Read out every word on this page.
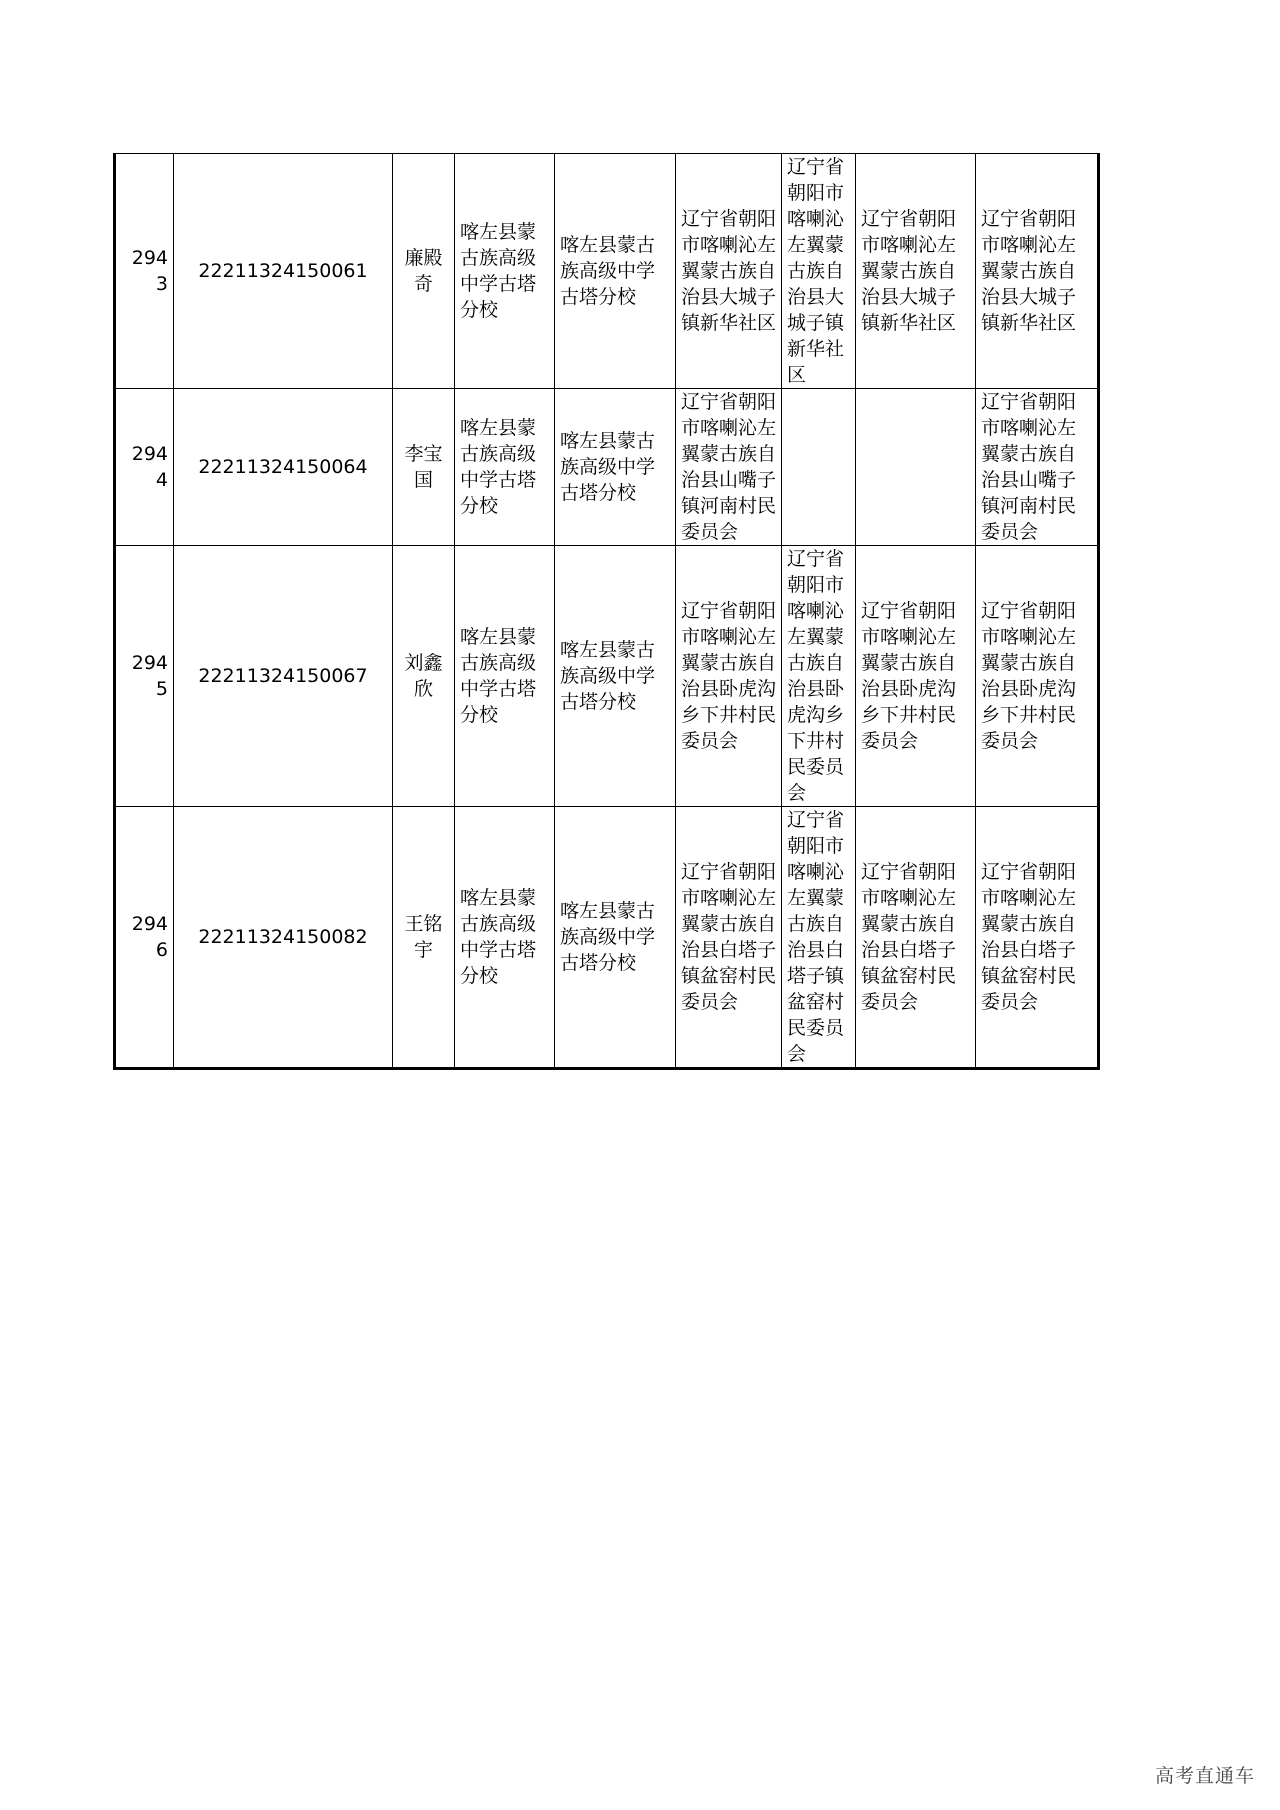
2943	22211324150061	廉殿奇	喀左县蒙古族高级中学古塔分校	喀左县蒙古族高级中学古塔分校	辽宁省朝阳市喀喇沁左翼蒙古族自治县大城子镇新华社区	辽宁省朝阳市喀喇沁左翼蒙古族自治县大城子镇新华社区	辽宁省朝阳市喀喇沁左翼蒙古族自治县大城子镇新华社区	辽宁省朝阳市喀喇沁左翼蒙古族自治县大城子镇新华社区
2944	22211324150064	李宝国	喀左县蒙古族高级中学古塔分校	喀左县蒙古族高级中学古塔分校	辽宁省朝阳市喀喇沁左翼蒙古族自治县山嘴子镇河南村民委员会			辽宁省朝阳市喀喇沁左翼蒙古族自治县山嘴子镇河南村民委员会
2945	22211324150067	刘鑫欣	喀左县蒙古族高级中学古塔分校	喀左县蒙古族高级中学古塔分校	辽宁省朝阳市喀喇沁左翼蒙古族自治县卧虎沟乡下井村民委员会	辽宁省朝阳市喀喇沁左翼蒙古族自治县卧虎沟乡下井村民委员会	辽宁省朝阳市喀喇沁左翼蒙古族自治县卧虎沟乡下井村民委员会	辽宁省朝阳市喀喇沁左翼蒙古族自治县卧虎沟乡下井村民委员会
2946	22211324150082	王铭宇	喀左县蒙古族高级中学古塔分校	喀左县蒙古族高级中学古塔分校	辽宁省朝阳市喀喇沁左翼蒙古族自治县白塔子镇盆窑村民委员会	辽宁省朝阳市喀喇沁左翼蒙古族自治县白塔子镇盆窑村民委员会	辽宁省朝阳市喀喇沁左翼蒙古族自治县白塔子镇盆窑村民委员会	辽宁省朝阳市喀喇沁左翼蒙古族自治县白塔子镇盆窑村民委员会
高考直通车
